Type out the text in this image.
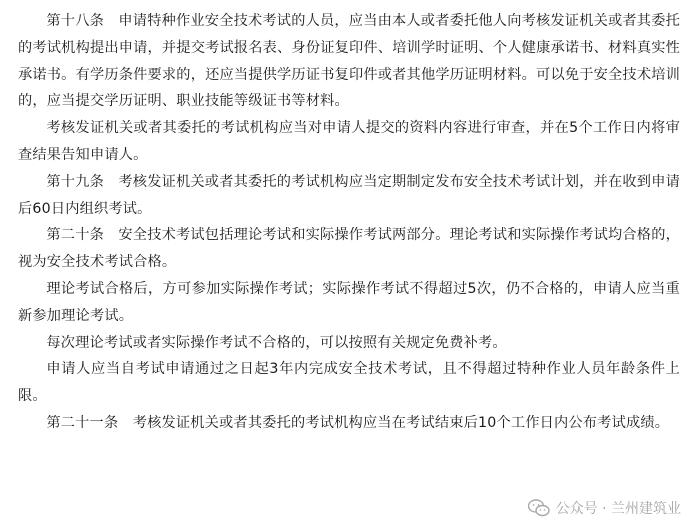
第十八条　申请特种作业安全技术考试的人员，应当由本人或者委托他人向考核发证机关或者其委托的考试机构提出申请，并提交考试报名表、身份证复印件、培训学时证明、个人健康承诺书、材料真实性承诺书。有学历条件要求的，还应当提供学历证书复印件或者其他学历证明材料。可以免于安全技术培训的，应当提交学历证明、职业技能等级证书等材料。

考核发证机关或者其委托的考试机构应当对申请人提交的资料内容进行审查，并在5个工作日内将审查结果告知申请人。

第十九条　考核发证机关或者其委托的考试机构应当定期制定发布安全技术考试计划，并在收到申请后60日内组织考试。

第二十条　安全技术考试包括理论考试和实际操作考试两部分。理论考试和实际操作考试均合格的，视为安全技术考试合格。

理论考试合格后，方可参加实际操作考试；实际操作考试不得超过5次，仍不合格的，申请人应当重新参加理论考试。

每次理论考试或者实际操作考试不合格的，可以按照有关规定免费补考。

申请人应当自考试申请通过之日起3年内完成安全技术考试，且不得超过特种作业人员年龄条件上限。

第二十一条　考核发证机关或者其委托的考试机构应当在考试结束后10个工作日内公布考试成绩。

公众号 · 兰州建筑业
